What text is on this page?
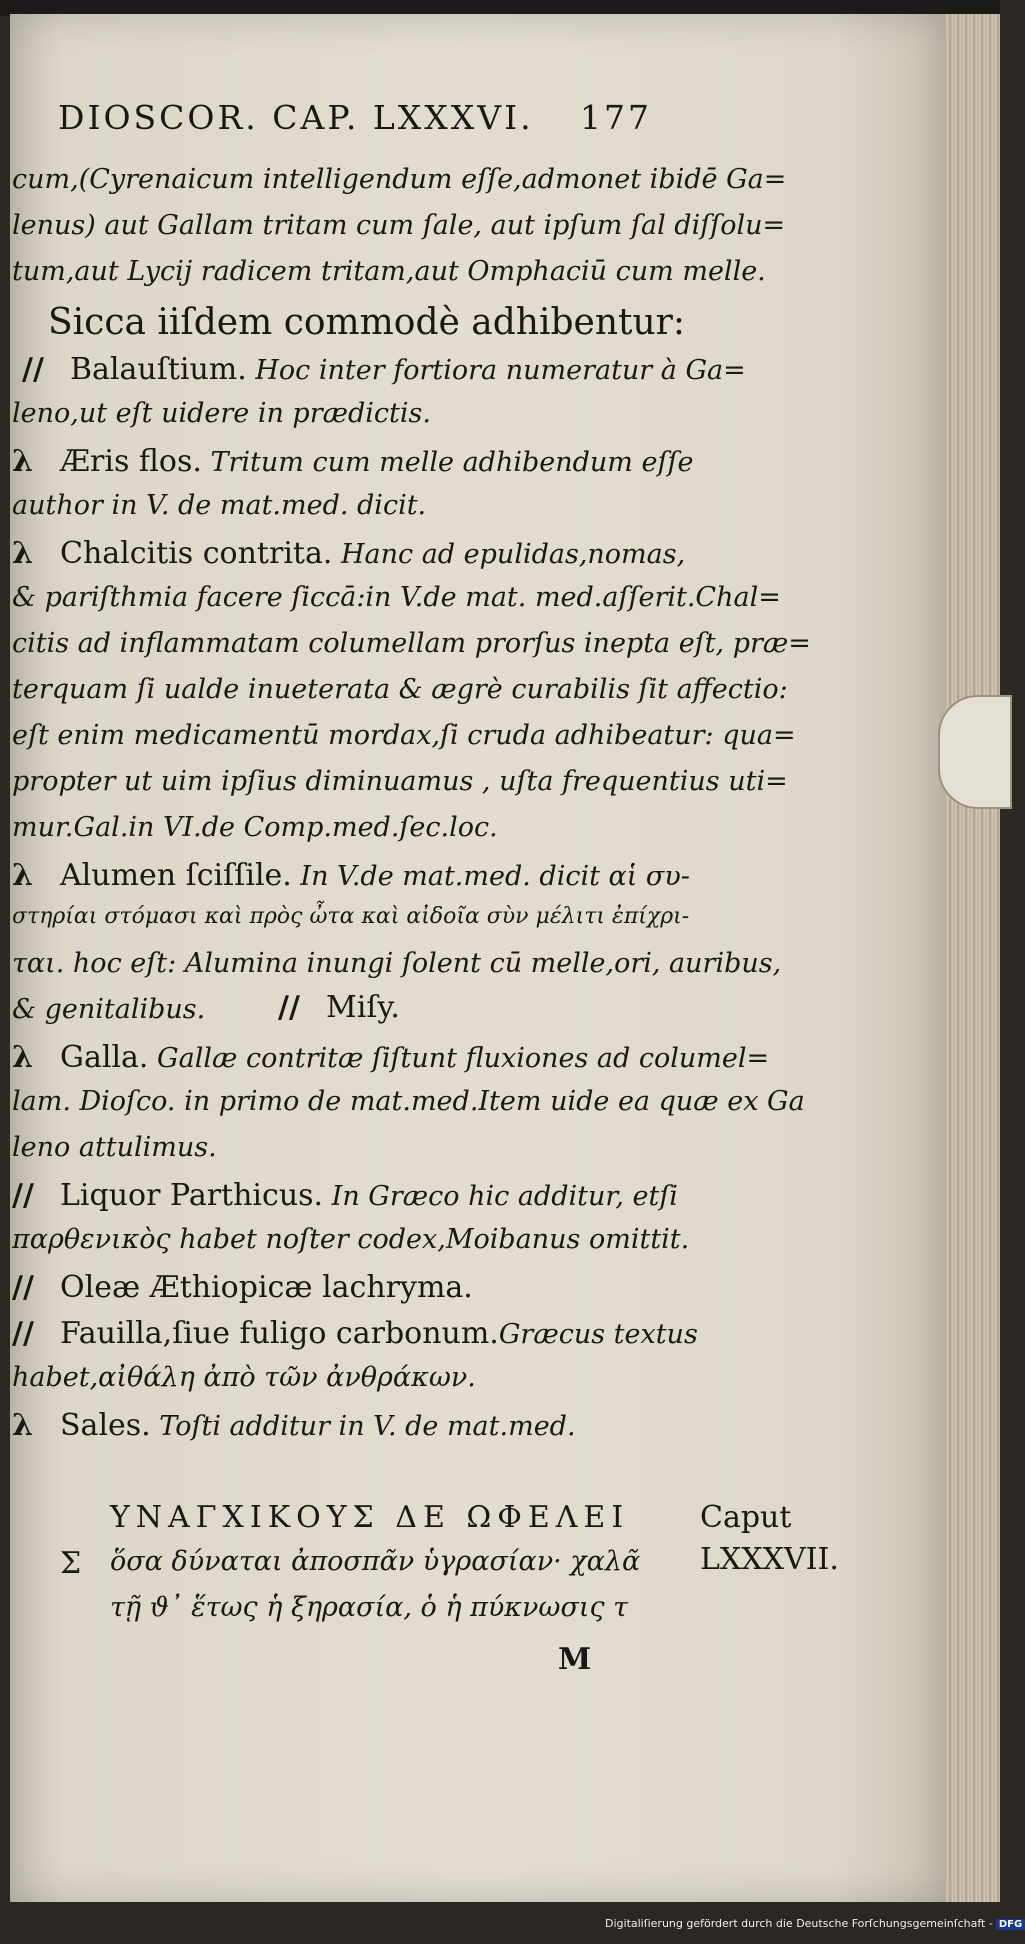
DIOSCOR. CAP. LXXXVI. 177
cum,(Cyrenaicum intelligendum eſſe,admonet ibidē Ga=
lenus) aut Gallam tritam cum ſale, aut ipſum ſal diſſolu=
tum,aut Lycij radicem tritam,aut Omphaciū cum melle.
Sicca iiſdem commodè adhibentur:
// Balauſtium. Hoc inter fortiora numeratur à Ga=
leno,ut eſt uidere in prædictis.
λ Æris flos. Tritum cum melle adhibendum eſſe
author in V. de mat.med. dicit.
λ Chalcitis contrita. Hanc ad epulidas,nomas,
& pariſthmia facere ſiccā:in V.de mat. med.aſſerit.Chal=
citis ad inflammatam columellam prorſus inepta eſt, præ=
terquam ſi ualde inueterata & ægrè curabilis ſit affectio:
eſt enim medicamentū mordax,ſi cruda adhibeatur: qua=
propter ut uim ipſius diminuamus , uſta frequentius uti=
mur.Gal.in VI.de Comp.med.ſec.loc.
λ Alumen ſciſſile. In V.de mat.med. dicit αἱ συ-
στηρίαι στόμασι καὶ πρὸς ὦτα καὶ αἰδοῖα σὺν μέλιτι ἐπίχρι-
ται. hoc eſt: Alumina inungi ſolent cū melle,ori, auribus,
& genitalibus. // Miſy.
λ Galla. Gallæ contritæ ſiſtunt fluxiones ad columel=
lam. Dioſco. in primo de mat.med.Item uide ea quæ ex Ga
leno attulimus.
// Liquor Parthicus. In Græco hic additur, etſi
παρθενικὸς habet noſter codex,Moibanus omittit.
// Oleæ Æthiopicæ lachryma.
// Fauilla,ſiue fuligo carbonum.Græcus textus
habet,αἰθάλη ἀπὸ τῶν ἀνθράκων.
λ Sales. Toſti additur in V. de mat.med.
ΥΝΑΓΧΙΚΟΥΣ ΔΕ ΩΦΕΛΕΙ
Σ ὅσα δύναται ἀποσπᾶν ὑγρασίαν· χαλᾶ
τῇ ϑ᾽ ἕτως ἡ ξηρασία, ὁ ἡ πύκνωσις τ
Caput
LXXXVII.
M
Digitaliſierung gefördert durch die Deutsche Forſchungsgemeinſchaft - DFG
